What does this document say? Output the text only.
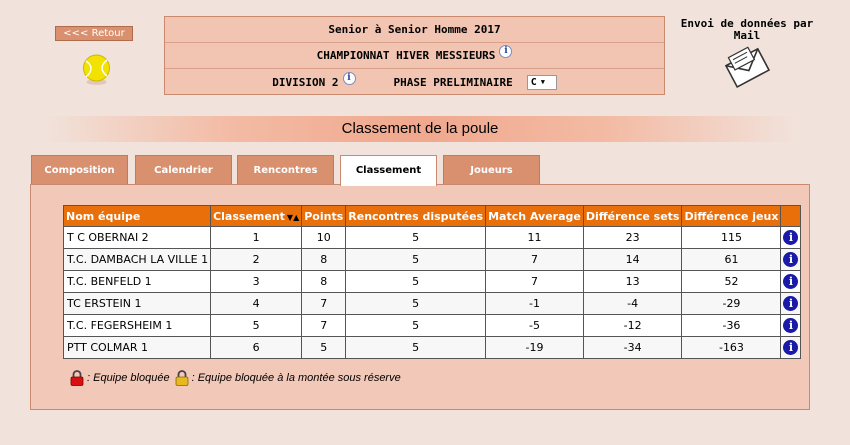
<<< Retour	Senior à Senior Homme 2017
CHAMPIONNAT HIVER MESSIEURS i
DIVISION 2 i	PHASE PRELIMINAIRE C ▼
Envoi de données par Mail
Classement de la poule
Composition	Calendrier	Rencontres	Classement	Joueurs
Nom équipe	Classement ▼▲	Points	Rencontres disputées	Match Average	Différence sets	Différence jeux	
T C OBERNAI 2	1	10	5	11	23	115	i
T.C. DAMBACH LA VILLE 1	2	8	5	7	14	61	i
T.C. BENFELD 1	3	8	5	7	13	52	i
TC ERSTEIN 1	4	7	5	-1	-4	-29	i
T.C. FEGERSHEIM 1	5	7	5	-5	-12	-36	i
PTT COLMAR 1	6	5	5	-19	-34	-163	i
: Equipe bloquée : Equipe bloquée à la montée sous réserve
